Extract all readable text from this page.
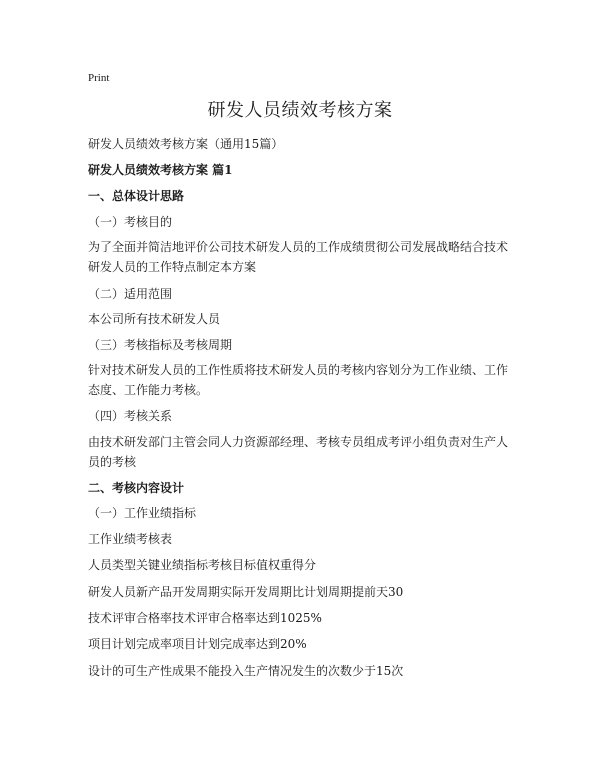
Print
研发人员绩效考核方案
研发人员绩效考核方案（通用15篇）
研发人员绩效考核方案 篇1
一、总体设计思路
（一）考核目的
为了全面并简洁地评价公司技术研发人员的工作成绩贯彻公司发展战略结合技术研发人员的工作特点制定本方案
（二）适用范围
本公司所有技术研发人员
（三）考核指标及考核周期
针对技术研发人员的工作性质将技术研发人员的考核内容划分为工作业绩、工作态度、工作能力考核。
（四）考核关系
由技术研发部门主管会同人力资源部经理、考核专员组成考评小组负责对生产人员的考核
二、考核内容设计
（一）工作业绩指标
工作业绩考核表
人员类型关键业绩指标考核目标值权重得分
研发人员新产品开发周期实际开发周期比计划周期提前天30
技术评审合格率技术评审合格率达到1025%
项目计划完成率项目计划完成率达到20%
设计的可生产性成果不能投入生产情况发生的次数少于15次
